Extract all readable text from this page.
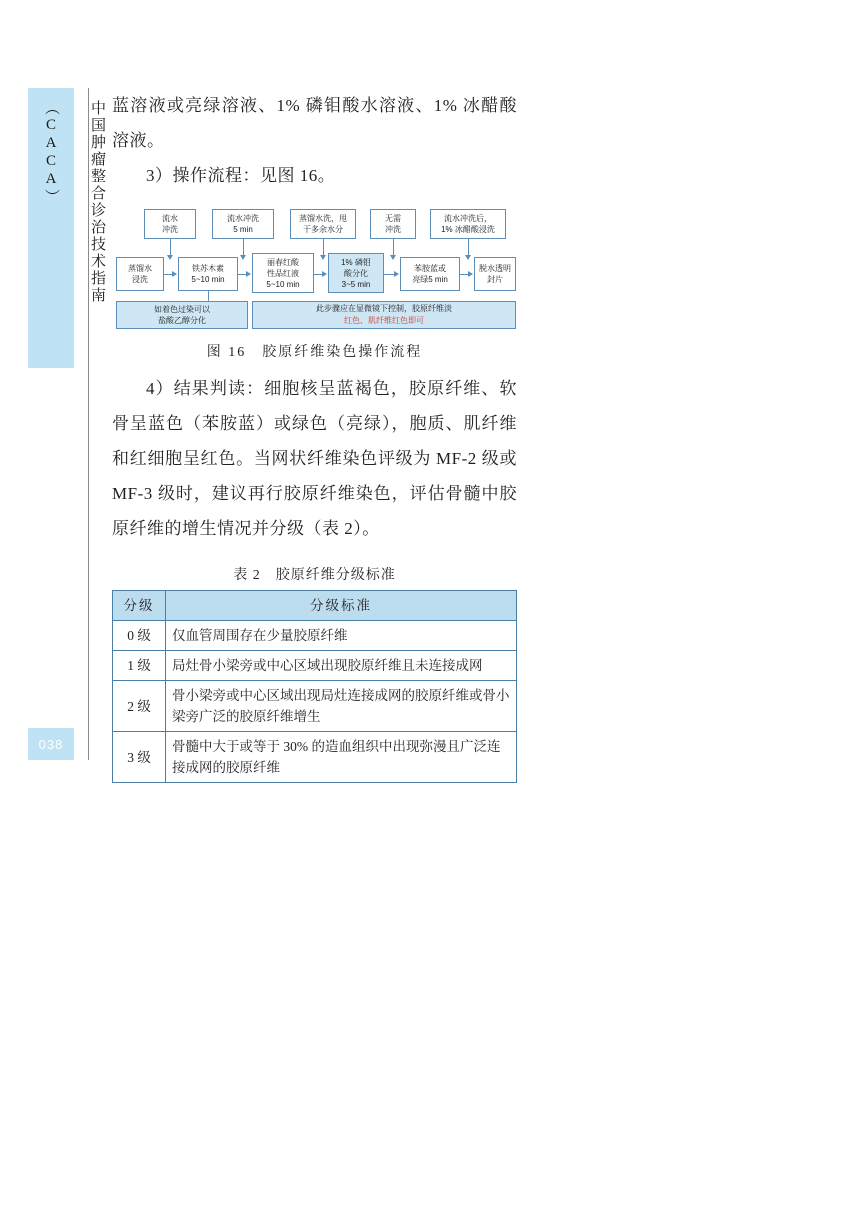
中国肿瘤整合诊治技术指南（CACA）
038

蓝溶液或亮绿溶液、1% 磷钼酸水溶液、1% 冰醋酸溶液。

3）操作流程：见图 16。

流水
冲洗
流水冲洗
5 min
蒸馏水洗，甩
干多余水分
无需
冲洗
流水冲洗后，
1% 冰醋酸浸洗
蒸馏水
浸洗
铁苏木素
5~10 min
丽春红酸
性品红液
5~10 min
1% 磷钼
酸分化
3~5 min
苯胺蓝或
亮绿5 min
脱水透明
封片
如着色过染可以
盐酸乙醇分化
此步骤应在显微镜下控制，胶原纤维淡
红色、肌纤维红色即可

图 16　胶原纤维染色操作流程

4）结果判读：细胞核呈蓝褐色，胶原纤维、软骨呈蓝色（苯胺蓝）或绿色（亮绿），胞质、肌纤维和红细胞呈红色。当网状纤维染色评级为 MF-2 级或 MF-3 级时，建议再行胶原纤维染色，评估骨髓中胶原纤维的增生情况并分级（表 2）。

表 2　胶原纤维分级标准

分级	分级标准
0 级	仅血管周围存在少量胶原纤维
1 级	局灶骨小梁旁或中心区域出现胶原纤维且未连接成网
2 级	骨小梁旁或中心区域出现局灶连接成网的胶原纤维或骨小梁旁广泛的胶原纤维增生
3 级	骨髓中大于或等于 30% 的造血组织中出现弥漫且广泛连接成网的胶原纤维
